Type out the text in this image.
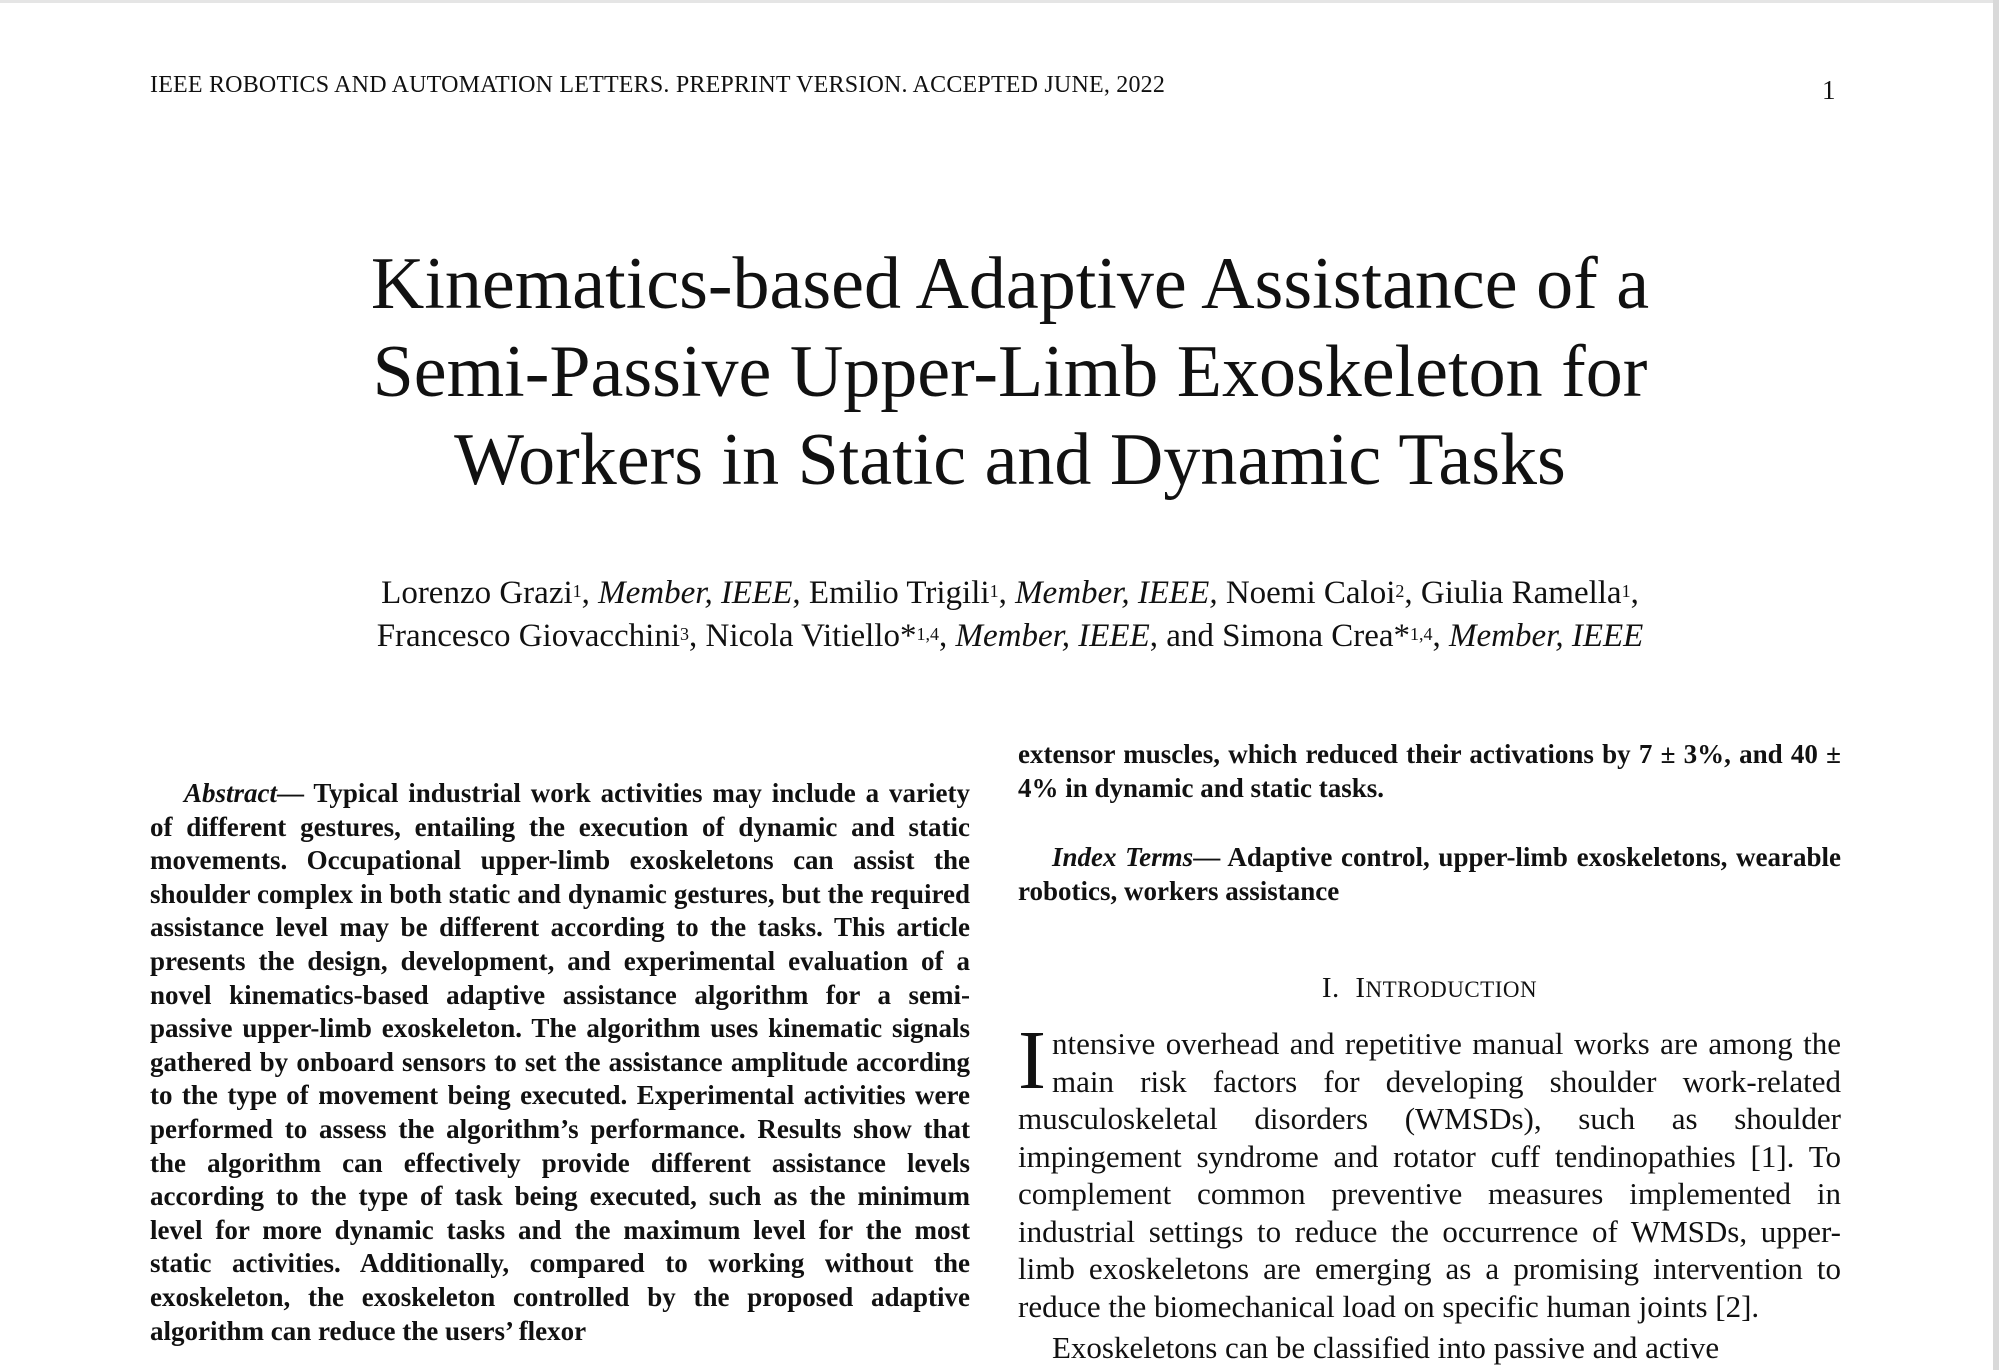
IEEE ROBOTICS AND AUTOMATION LETTERS. PREPRINT VERSION. ACCEPTED JUNE, 2022	1
Kinematics-based Adaptive Assistance of a
Semi-Passive Upper-Limb Exoskeleton for
Workers in Static and Dynamic Tasks
Lorenzo Grazi$^1$, Member, IEEE, Emilio Trigili$^1$, Member, IEEE, Noemi Caloi$^2$, Giulia Ramella$^1$,
Francesco Giovacchini$^3$, Nicola Vitiello*$^{1,4}$, Member, IEEE, and Simona Crea*$^{1,4}$, Member, IEEE

Abstract— Typical industrial work activities may include a variety of different gestures, entailing the execution of dynamic and static movements. Occupational upper-limb exoskeletons can assist the shoulder complex in both static and dynamic gestures, but the required assistance level may be different according to the tasks. This article presents the design, development, and experimental evaluation of a novel kinematics-based adaptive assistance algorithm for a semi-passive upper-limb exoskeleton. The algorithm uses kinematic signals gathered by onboard sensors to set the assistance amplitude according to the type of movement being executed. Experimental activities were performed to assess the algorithm’s performance. Results show that the algorithm can effectively provide different assistance levels according to the type of task being executed, such as the minimum level for more dynamic tasks and the maximum level for the most static activities. Additionally, compared to working without the exoskeleton, the exoskeleton controlled by the proposed adaptive algorithm can reduce the users’ flexor

extensor muscles, which reduced their activations by 7 ± 3%, and 40 ± 4% in dynamic and static tasks.

Index Terms— Adaptive control, upper-limb exoskeletons, wearable robotics, workers assistance

I. INTRODUCTION

Intensive overhead and repetitive manual works are among the main risk factors for developing shoulder work-related musculoskeletal disorders (WMSDs), such as shoulder impingement syndrome and rotator cuff tendinopathies [1]. To complement common preventive measures implemented in industrial settings to reduce the occurrence of WMSDs, upper-limb exoskeletons are emerging as a promising intervention to reduce the biomechanical load on specific human joints [2].

Exoskeletons can be classified into passive and active
